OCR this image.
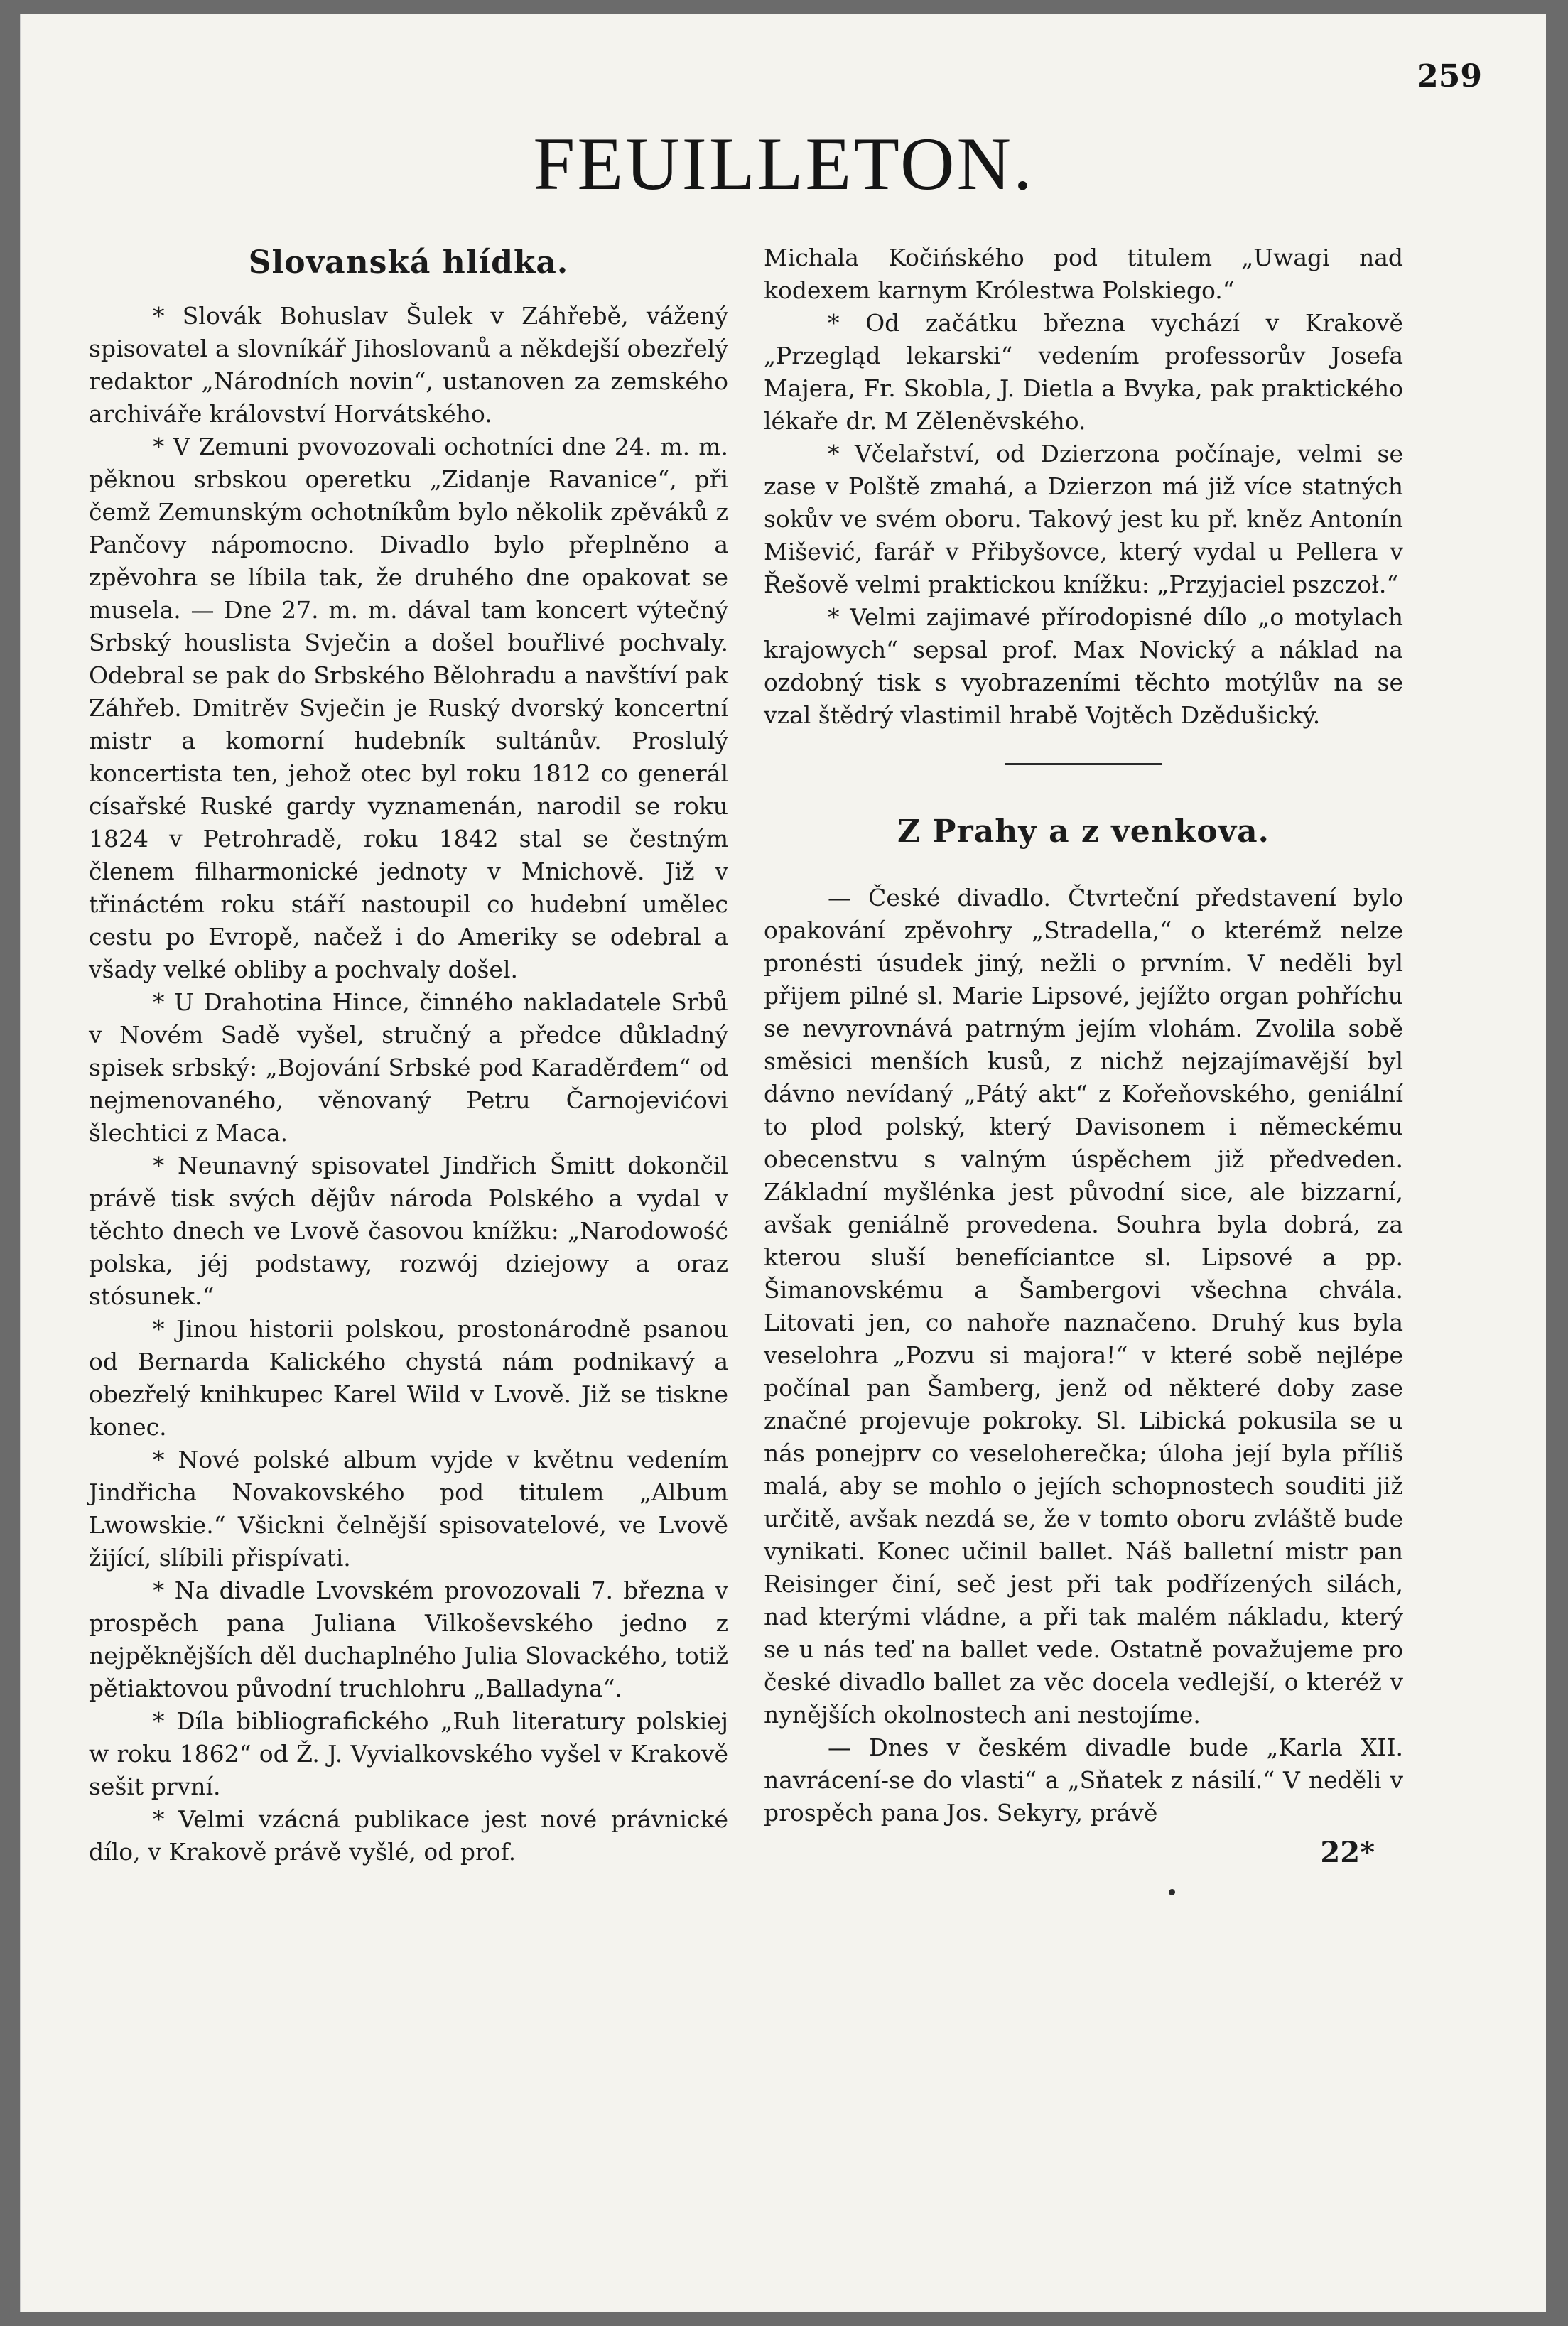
259
FEUILLETON.
Slovanská hlídka.

* Slovák Bohuslav Šulek v Záhřebě, vážený spisovatel a slovníkář Jihoslovanů a někdejší obezřelý redaktor „Národních novin“, ustanoven za zemského archiváře království Horvátského.

* V Zemuni pvovozovali ochotníci dne 24. m. m. pěknou srbskou operetku „Zidanje Ravanice“, při čemž Zemunským ochotníkům bylo několik zpěváků z Pančovy nápomocno. Divadlo bylo přeplněno a zpěvohra se líbila tak, že druhého dne opakovat se musela. — Dne 27. m. m. dával tam koncert výtečný Srbský houslista Svječin a došel bouřlivé pochvaly. Odebral se pak do Srbského Bělohradu a navštíví pak Záhřeb. Dmitrěv Svječin je Ruský dvorský koncertní mistr a komorní hudebník sultánův. Proslulý koncertista ten, jehož otec byl roku 1812 co generál císařské Ruské gardy vyznamenán, narodil se roku 1824 v Petrohradě, roku 1842 stal se čestným členem filharmonické jednoty v Mnichově. Již v třináctém roku stáří nastoupil co hudební umělec cestu po Evropě, načež i do Ameriky se odebral a všady velké obliby a pochvaly došel.

* U Drahotina Hince, činného nakladatele Srbů v Novém Sadě vyšel, stručný a předce důkladný spisek srbský: „Bojování Srbské pod Karaděrđem“ od nejmenovaného, věnovaný Petru Čarnojevićovi šlechtici z Maca.

* Neunavný spisovatel Jindřich Šmitt dokončil právě tisk svých dějův národa Polského a vydal v těchto dnech ve Lvově časovou knížku: „Narodowość polska, jéj podstawy, rozwój dziejowy a oraz stósunek.“

* Jinou historii polskou, prostonárodně psanou od Bernarda Kalického chystá nám podnikavý a obezřelý knihkupec Karel Wild v Lvově. Již se tiskne konec.

* Nové polské album vyjde v květnu vedením Jindřicha Novakovského pod titulem „Album Lwowskie.“ Všickni čelnější spisovatelové, ve Lvově žijící, slíbili přispívati.

* Na divadle Lvovském provozovali 7. března v prospěch pana Juliana Vilkoševského jedno z nejpěknějších děl duchaplného Julia Slovackého, totiž pětiaktovou původní truchlohru „Balladyna“.

* Díla bibliografického „Ruh literatury polskiej w roku 1862“ od Ž. J. Vyvialkovského vyšel v Krakově sešit první.

* Velmi vzácná publikace jest nové právnické dílo, v Krakově právě vyšlé, od prof.

Michala Kočińského pod titulem „Uwagi nad kodexem karnym Królestwa Polskiego.“

* Od začátku března vychází v Krakově „Przegląd lekarski“ vedením professorův Josefa Majera, Fr. Skobla, J. Dietla a Bvyka, pak praktického lékaře dr. M Zěleněvského.

* Včelařství, od Dzierzona počínaje, velmi se zase v Polště zmahá, a Dzierzon má již více statných sokův ve svém oboru. Takový jest ku př. kněz Antonín Mišević, farář v Přibyšovce, který vydal u Pellera v Řešově velmi praktickou knížku: „Przyjaciel pszczoł.“

* Velmi zajimavé přírodopisné dílo „o motylach krajowych“ sepsal prof. Max Novický a náklad na ozdobný tisk s vyobrazeními těchto motýlův na se vzal štědrý vlastimil hrabě Vojtěch Dzědušický.

Z Prahy a z venkova.

— České divadlo. Čtvrteční představení bylo opakování zpěvohry „Stradella,“ o kterémž nelze pronésti úsudek jiný, nežli o prvním. V neděli byl přijem pilné sl. Marie Lipsové, jejížto organ pohříchu se nevyrovnává patrným jejím vlohám. Zvolila sobě směsici menších kusů, z nichž nejzajímavější byl dávno nevídaný „Pátý akt“ z Kořeňovského, geniální to plod polský, který Davisonem i německému obecenstvu s valným úspěchem již předveden. Základní myšlénka jest původní sice, ale bizzarní, avšak geniálně provedena. Souhra byla dobrá, za kterou sluší benefíciantce sl. Lipsové a pp. Šimanovskému a Šambergovi všechna chvála. Litovati jen, co nahoře naznačeno. Druhý kus byla veselohra „Pozvu si majora!“ v které sobě nejlépe počínal pan Šamberg, jenž od některé doby zase značné projevuje pokroky. Sl. Libická pokusila se u nás ponejprv co veseloherečka; úloha její byla příliš malá, aby se mohlo o jejích schopnostech souditi již určitě, avšak nezdá se, že v tomto oboru zvláště bude vynikati. Konec učinil ballet. Náš balletní mistr pan Reisinger činí, seč jest při tak podřízených silách, nad kterými vládne, a při tak malém nákladu, který se u nás teď na ballet vede. Ostatně považujeme pro české divadlo ballet za věc docela vedlejší, o kteréž v nynějších okolnostech ani nestojíme.

— Dnes v českém divadle bude „Karla XII. navrácení-se do vlasti“ a „Sňatek z násilí.“ V neděli v prospěch pana Jos. Sekyry, právě

22*
